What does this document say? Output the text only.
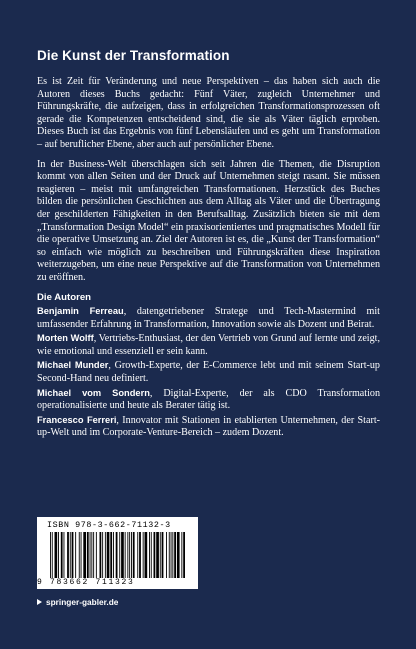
Die Kunst der Transformation

Es ist Zeit für Veränderung und neue Perspektiven – das haben sich auch die Autoren dieses Buchs gedacht: Fünf Väter, zugleich Unternehmer und Führungskräfte, die aufzeigen, dass in erfolgreichen Transformationsprozessen oft gerade die Kompetenzen entscheidend sind, die sie als Väter täglich erproben. Dieses Buch ist das Ergebnis von fünf Lebensläufen und es geht um Transformation – auf beruflicher Ebene, aber auch auf persönlicher Ebene.

In der Business-Welt überschlagen sich seit Jahren die Themen, die Disruption kommt von allen Seiten und der Druck auf Unternehmen steigt rasant. Sie müssen reagieren – meist mit umfangreichen Transformationen. Herzstück des Buches bilden die persönlichen Geschichten aus dem Alltag als Väter und die Übertragung der geschilderten Fähigkeiten in den Berufsalltag. Zusätzlich bieten sie mit dem „Transformation Design Model“ ein praxisorientiertes und pragmatisches Modell für die operative Umsetzung an. Ziel der Autoren ist es, die „Kunst der Transformation“ so einfach wie möglich zu beschreiben und Führungskräften diese Inspiration weiterzugeben, um eine neue Perspektive auf die Transformation von Unternehmen zu eröffnen.

Die Autoren
Benjamin Ferreau, datengetriebener Stratege und Tech-Mastermind mit umfassender Erfahrung in Transformation, Innovation sowie als Dozent und Beirat.
Morten Wolff, Vertriebs-Enthusiast, der den Vertrieb von Grund auf lernte und zeigt, wie emotional und essenziell er sein kann.
Michael Munder, Growth-Experte, der E-Commerce lebt und mit seinem Start-up Second-Hand neu definiert.
Michael vom Sondern, Digital-Experte, der als CDO Transformation operationalisierte und heute als Berater tätig ist.
Francesco Ferreri, Innovator mit Stationen in etablierten Unternehmen, der Start-up-Welt und im Corporate-Venture-Bereich – zudem Dozent.
ISBN 978-3-662-71132-3
9 783662 711323
springer-gabler.de
